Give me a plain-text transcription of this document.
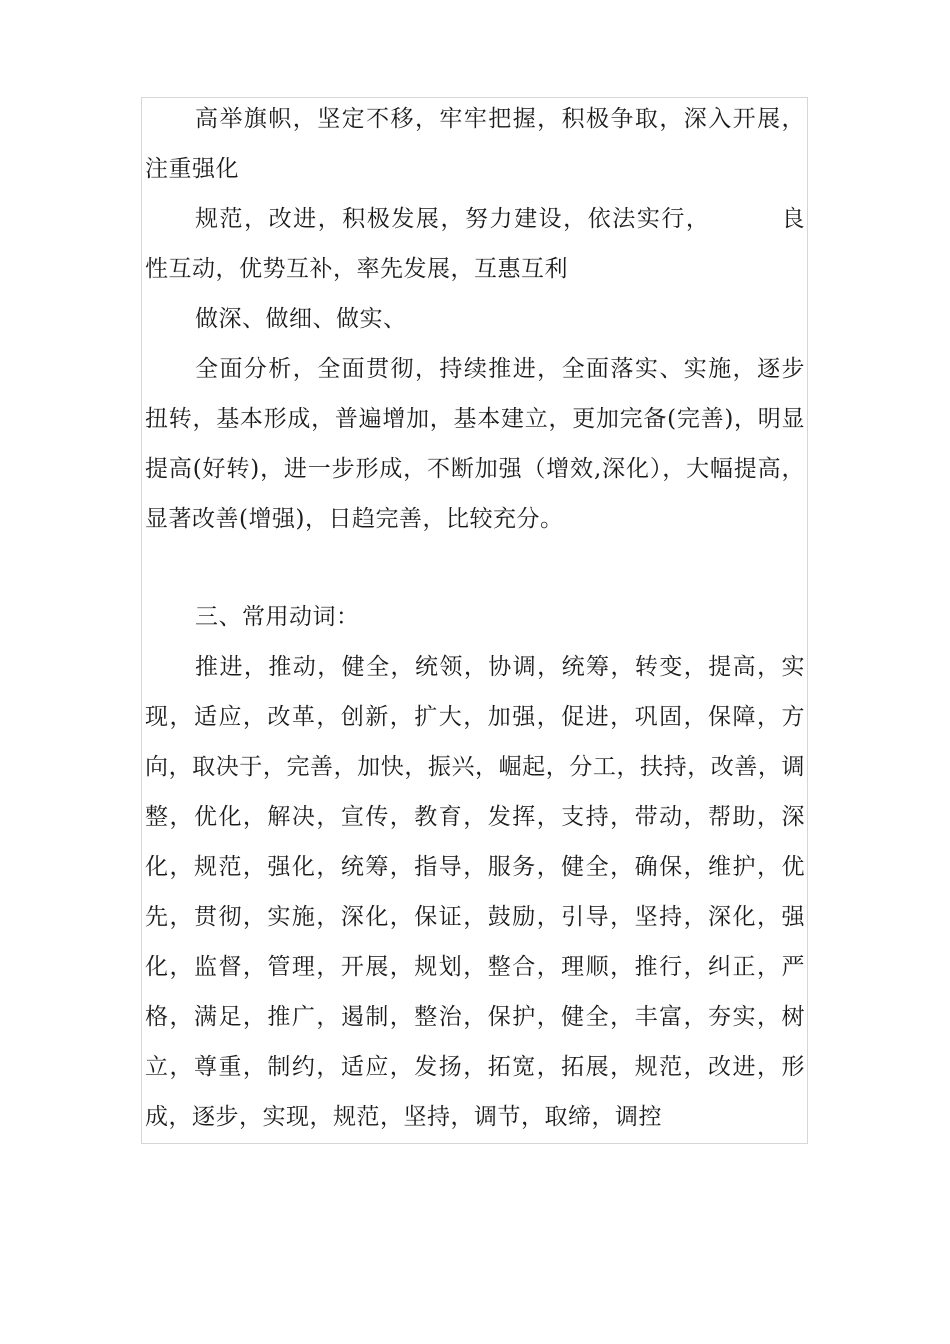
高举旗帜，坚定不移，牢牢把握，积极争取，深入开展，注重强化

规范，改进，积极发展，努力建设，依法实行，	良性互动，优势互补，率先发展，互惠互利

做深、做细、做实、

全面分析，全面贯彻，持续推进，全面落实、实施，逐步扭转，基本形成，普遍增加，基本建立，更加完备(完善)，明显提高(好转)，进一步形成，不断加强（增效,深化），大幅提高，显著改善(增强)，日趋完善，比较充分。

三、常用动词：

推进，推动，健全，统领，协调，统筹，转变，提高，实现，适应，改革，创新，扩大，加强，促进，巩固，保障，方向，取决于，完善，加快，振兴，崛起，分工，扶持，改善，调整，优化，解决，宣传，教育，发挥，支持，带动，帮助，深化，规范，强化，统筹，指导，服务，健全，确保，维护，优先，贯彻，实施，深化，保证，鼓励，引导，坚持，深化，强化，监督，管理，开展，规划，整合，理顺，推行，纠正，严格，满足，推广，遏制，整治，保护，健全，丰富，夯实，树立，尊重，制约，适应，发扬，拓宽，拓展，规范，改进，形成，逐步，实现，规范，坚持，调节，取缔，调控
